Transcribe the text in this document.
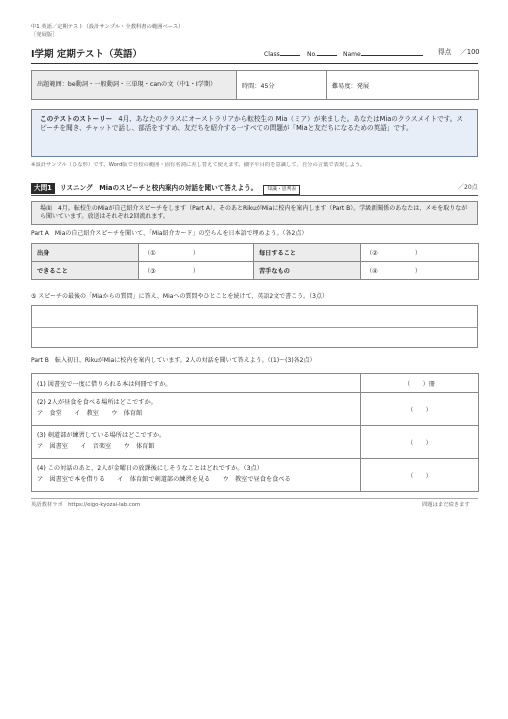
中1 英語／定期テスト（設計サンプル・全教科書の範囲ベース）
［発展版］
I学期 定期テスト（英語）	Class	No.	Name	得点 ／100
出題範囲：be動詞・一般動詞・三単現・canの文（中1・I学期）	時間：45分	難易度：発展
このテストのストーリー 4月、あなたのクラスにオーストラリアから転校生の Mia（ミア）が来ました。あなたはMiaのクラスメイトです。スピーチを聞き、チャットで話し、部活をすすめ、友だちを紹介する一すべての問題が「Miaと友だちになるための英語」です。
※設計サンプル（ひな形）です。Word版で自校の範囲・固有名詞に差し替えて使えます。細字や目的を意識して、自分の言葉で表現しよう。
大問1 リスニング　Miaのスピーチと校内案内の対話を聞いて答えよう。 知識・思判表	／20点
場面　4月。転校生のMiaが自己紹介スピーチをします（Part A）。そのあとRikuがMiaに校内を案内します（Part B）。学級新聞係のあなたは、メモを取りながら聞いています。放送はそれぞれ2回流れます。
Part A　Miaの自己紹介スピーチを聞いて、「Mia紹介カード」の空らんを日本語で埋めよう。（各2点）
出身	（①　　　　　　）	毎日すること	（②　　　　　　）
できること	（③　　　　　　）	苦手なもの	（④　　　　　　）
⑤ スピーチの最後の「Miaからの質問」に答え、Miaへの質問やひとことを続けて、英語2文で書こう。（3点）
Part B　転入初日、RikuがMiaに校内を案内しています。2人の対話を聞いて答えよう。（(1)～(3)各2点）
(1) 図書室で一度に借りられる本は何冊ですか。	（　　）冊

(2) 2人が昼食を食べる場所はどこですか。
ア　食堂　　イ　教室　　ウ　体育館	（　　）

(3) 剣道部が練習している場所はどこですか。
ア　図書室　　イ　音楽室　　ウ　体育館	（　　）

(4) この対話のあと、2人が金曜日の放課後にしそうなことはどれですか。（3点）
ア　図書室で本を借りる　　イ　体育館で剣道部の練習を見る　　ウ　教室で昼食を食べる	（　　）
英語教材ラボ　https://eigo-kyozai-lab.com	問題はまだ続きます
